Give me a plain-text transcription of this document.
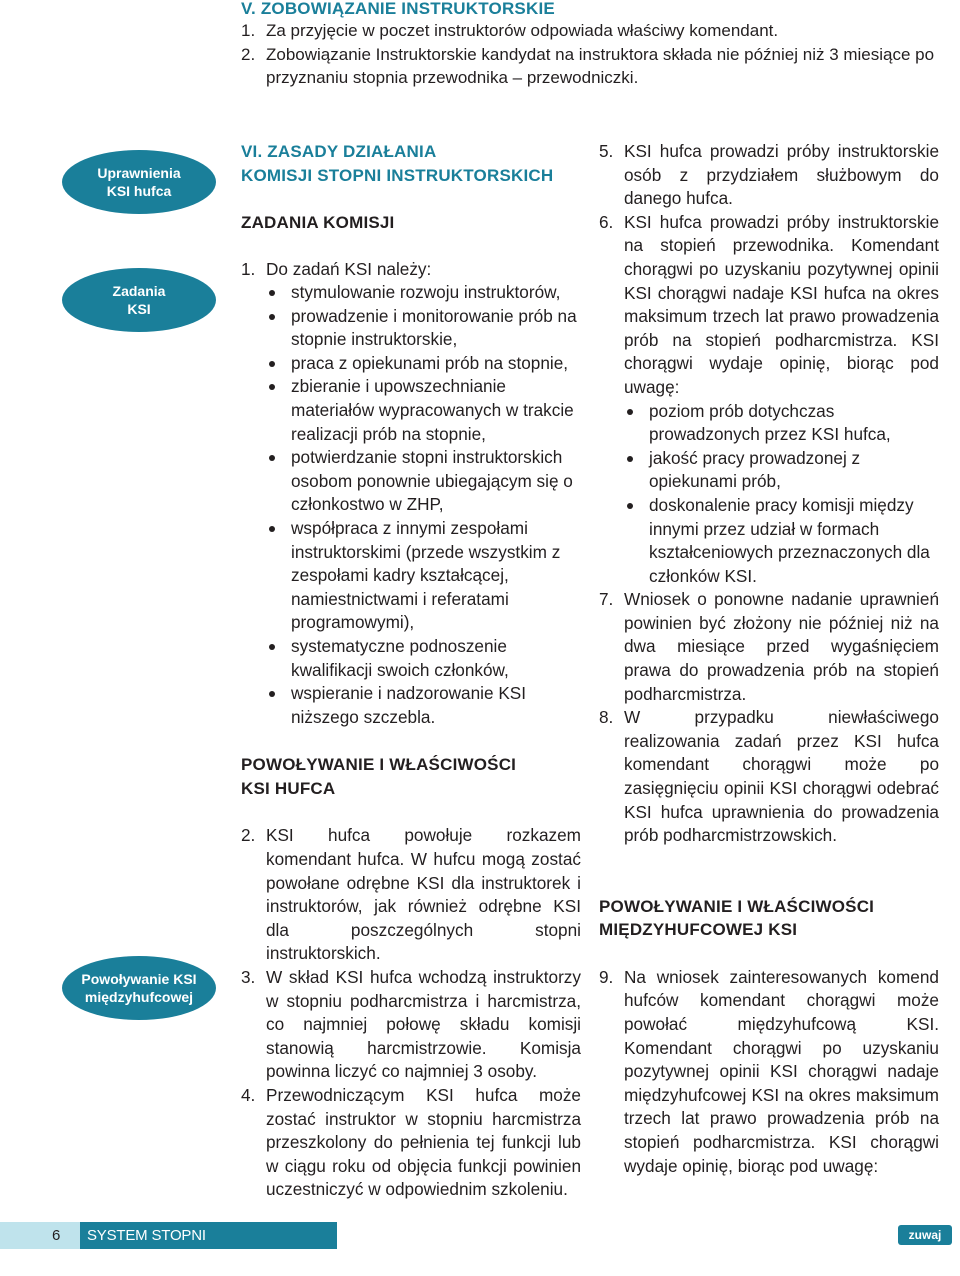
V. ZOBOWIĄZANIE INSTRUKTORSKIE
1. Za przyjęcie w poczet instruktorów odpowiada właściwy komendant.
2. Zobowiązanie Instruktorskie kandydat na instruktora składa nie później niż 3 miesiące po przyznaniu stopnia przewodnika – przewodniczki.
Uprawnienia
KSI hufca
Zadania
KSI
Powoływanie KSI
międzyhufcowej
VI. ZASADY DZIAŁANIA
KOMISJI STOPNI INSTRUKTORSKICH
ZADANIA KOMISJI
1. Do zadań KSI należy:
stymulowanie rozwoju instruktorów,
prowadzenie i monitorowanie prób na stopnie instruktorskie,
praca z opiekunami prób na stopnie,
zbieranie i upowszechnianie materiałów wypracowanych w trakcie realizacji prób na stopnie,
potwierdzanie stopni instruktorskich osobom ponownie ubiegającym się o członkostwo w ZHP,
współpraca z innymi zespołami instruktorskimi (przede wszystkim z zespołami kadry kształcącej, namiestnictwami i referatami programowymi),
systematyczne podnoszenie kwalifikacji swoich członków,
wspieranie i nadzorowanie KSI niższego szczebla.
POWOŁYWANIE I WŁAŚCIWOŚCI
KSI HUFCA
2. KSI hufca powołuje rozkazem komendant hufca. W hufcu mogą zostać powołane odrębne KSI dla instruktorek i instruktorów, jak również odrębne KSI dla poszczególnych stopni instruktorskich.
3. W skład KSI hufca wchodzą instruktorzy w stopniu podharcmistrza i harcmistrza, co najmniej połowę składu komisji stanowią harcmistrzowie. Komisja powinna liczyć co najmniej 3 osoby.
4. Przewodniczącym KSI hufca może zostać instruktor w stopniu harcmistrza przeszkolony do pełnienia tej funkcji lub w ciągu roku od objęcia funkcji powinien uczestniczyć w odpowiednim szkoleniu.
5. KSI hufca prowadzi próby instruktorskie osób z przydziałem służbowym do danego hufca.
6. KSI hufca prowadzi próby instruktorskie na stopień przewodnika. Komendant chorągwi po uzyskaniu pozytywnej opinii KSI chorągwi nadaje KSI hufca na okres maksimum trzech lat prawo prowadzenia prób na stopień podharcmistrza. KSI chorągwi wydaje opinię, biorąc pod uwagę:
poziom prób dotychczas prowadzonych przez KSI hufca,
jakość pracy prowadzonej z opiekunami prób,
doskonalenie pracy komisji między innymi przez udział w formach kształceniowych przeznaczonych dla członków KSI.
7. Wniosek o ponowne nadanie uprawnień powinien być złożony nie później niż na dwa miesiące przed wygaśnięciem prawa do prowadzenia prób na stopień podharcmistrza.
8. W przypadku niewłaściwego realizowania zadań przez KSI hufca komendant chorągwi może po zasięgnięciu opinii KSI chorągwi odebrać KSI hufca uprawnienia do prowadzenia prób podharcmistrzowskich.
POWOŁYWANIE I WŁAŚCIWOŚCI
MIĘDZYHUFCOWEJ KSI
9. Na wniosek zainteresowanych komend hufców komendant chorągwi może powołać międzyhufcową KSI. Komendant chorągwi po uzyskaniu pozytywnej opinii KSI chorągwi nadaje międzyhufcowej KSI na okres maksimum trzech lat prawo prowadzenia prób na stopień podharcmistrza. KSI chorągwi wydaje opinię, biorąc pod uwagę:
6	SYSTEM STOPNI INSTRUKTORSKICH
zuwaj
